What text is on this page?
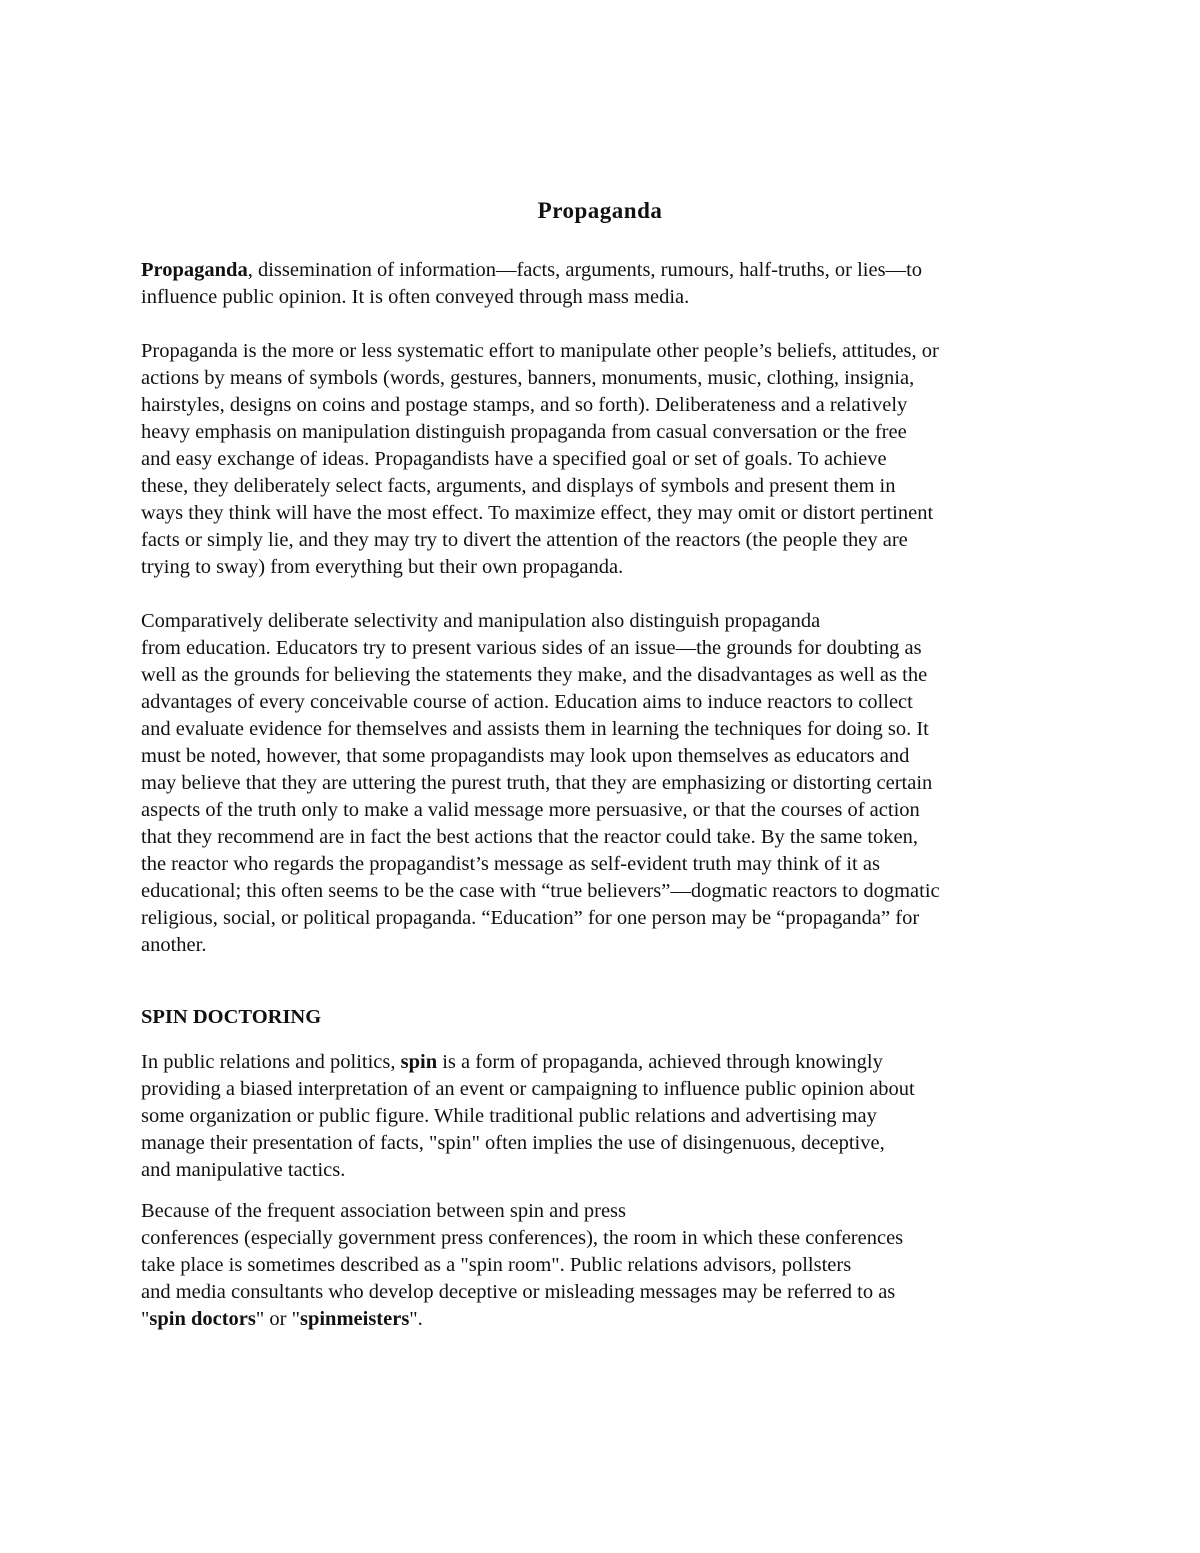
Propaganda
Propaganda, dissemination of information—facts, arguments, rumours, half-truths, or lies—to
influence public opinion. It is often conveyed through mass media.
Propaganda is the more or less systematic effort to manipulate other people’s beliefs, attitudes, or
actions by means of symbols (words, gestures, banners, monuments, music, clothing, insignia,
hairstyles, designs on coins and postage stamps, and so forth). Deliberateness and a relatively
heavy emphasis on manipulation distinguish propaganda from casual conversation or the free
and easy exchange of ideas. Propagandists have a specified goal or set of goals. To achieve
these, they deliberately select facts, arguments, and displays of symbols and present them in
ways they think will have the most effect. To maximize effect, they may omit or distort pertinent
facts or simply lie, and they may try to divert the attention of the reactors (the people they are
trying to sway) from everything but their own propaganda.
Comparatively deliberate selectivity and manipulation also distinguish propaganda
from education. Educators try to present various sides of an issue—the grounds for doubting as
well as the grounds for believing the statements they make, and the disadvantages as well as the
advantages of every conceivable course of action. Education aims to induce reactors to collect
and evaluate evidence for themselves and assists them in learning the techniques for doing so. It
must be noted, however, that some propagandists may look upon themselves as educators and
may believe that they are uttering the purest truth, that they are emphasizing or distorting certain
aspects of the truth only to make a valid message more persuasive, or that the courses of action
that they recommend are in fact the best actions that the reactor could take. By the same token,
the reactor who regards the propagandist’s message as self-evident truth may think of it as
educational; this often seems to be the case with “true believers”—dogmatic reactors to dogmatic
religious, social, or political propaganda. “Education” for one person may be “propaganda” for
another.
SPIN DOCTORING
In public relations and politics, spin is a form of propaganda, achieved through knowingly
providing a biased interpretation of an event or campaigning to influence public opinion about
some organization or public figure. While traditional public relations and advertising may
manage their presentation of facts, "spin" often implies the use of disingenuous, deceptive,
and manipulative tactics.
Because of the frequent association between spin and press
conferences (especially government press conferences), the room in which these conferences
take place is sometimes described as a "spin room". Public relations advisors, pollsters
and media consultants who develop deceptive or misleading messages may be referred to as
"spin doctors" or "spinmeisters".
